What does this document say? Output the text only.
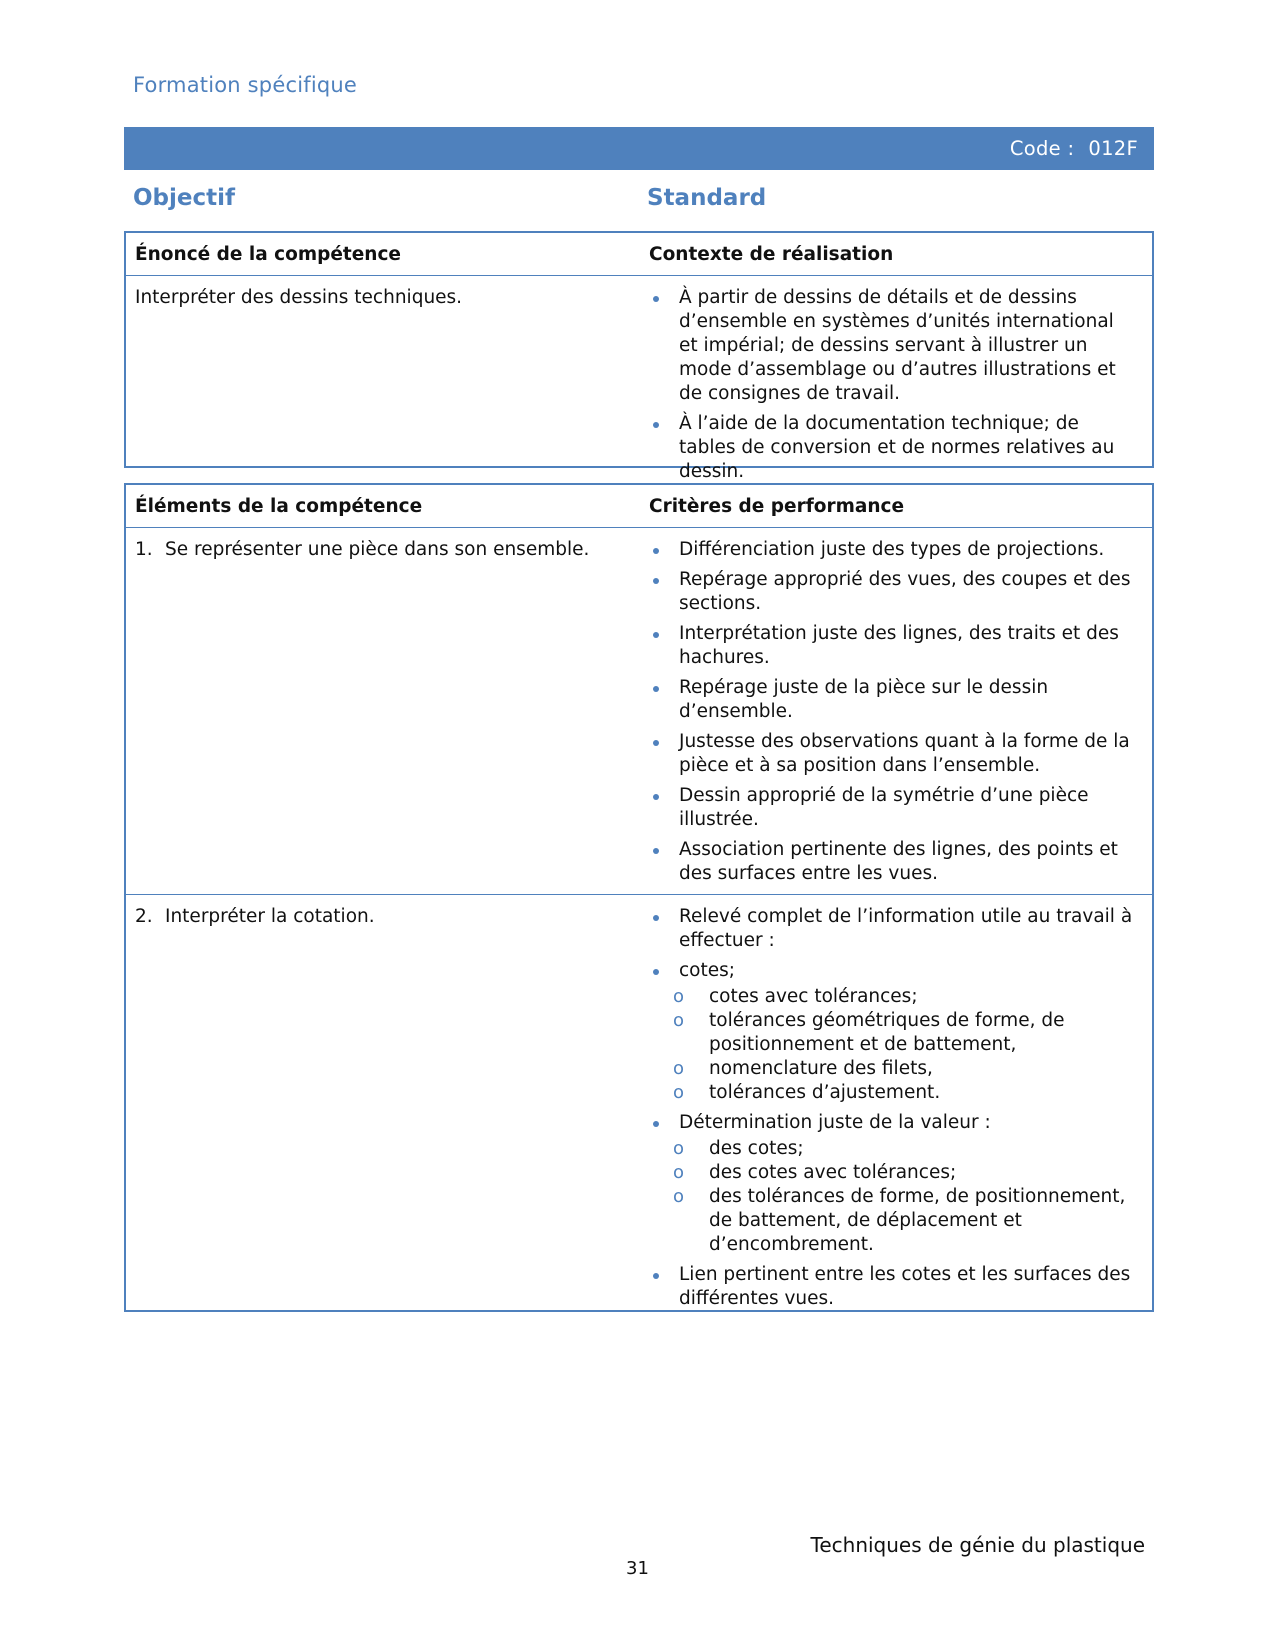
Formation spécifique
Code : 012F
Objectif	Standard
Énoncé de la compétence	Contexte de réalisation
Interpréter des dessins techniques.	À partir de dessins de détails et de dessins d’ensemble en systèmes d’unités international et impérial; de dessins servant à illustrer un mode d’assemblage ou d’autres illustrations et de consignes de travail.
À l’aide de la documentation technique; de tables de conversion et de normes relatives au dessin.
Éléments de la compétence	Critères de performance
1. Se représenter une pièce dans son ensemble.	Différenciation juste des types de projections.
Repérage approprié des vues, des coupes et des sections.
Interprétation juste des lignes, des traits et des hachures.
Repérage juste de la pièce sur le dessin d’ensemble.
Justesse des observations quant à la forme de la pièce et à sa position dans l’ensemble.
Dessin approprié de la symétrie d’une pièce illustrée.
Association pertinente des lignes, des points et des surfaces entre les vues.
2. Interpréter la cotation.	Relevé complet de l’information utile au travail à effectuer :
cotes;
o cotes avec tolérances;
o tolérances géométriques de forme, de positionnement et de battement,
o nomenclature des filets,
o tolérances d’ajustement.
Détermination juste de la valeur :
o des cotes;
o des cotes avec tolérances;
o des tolérances de forme, de positionnement, de battement, de déplacement et d’encombrement.
Lien pertinent entre les cotes et les surfaces des différentes vues.
Techniques de génie du plastique
31
